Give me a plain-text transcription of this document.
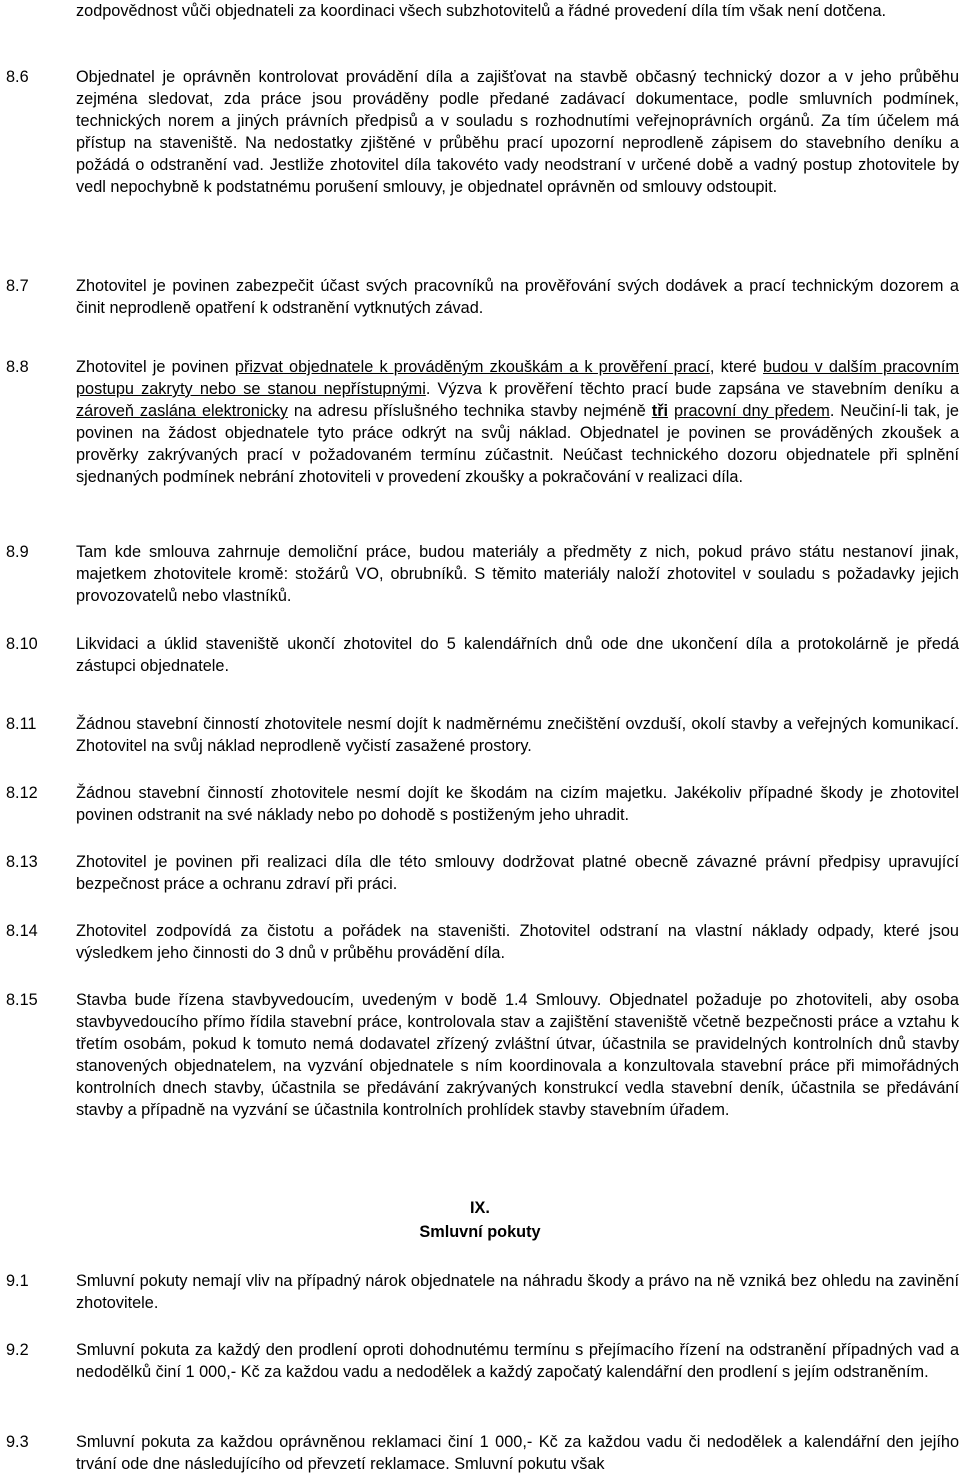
zodpovědnost vůči objednateli za koordinaci všech subzhotovitelů a řádné provedení díla tím však není dotčena.
8.6	Objednatel je oprávněn kontrolovat provádění díla a zajišťovat na stavbě občasný technický dozor a v jeho průběhu zejména sledovat, zda práce jsou prováděny podle předané zadávací dokumentace, podle smluvních podmínek, technických norem a jiných právních předpisů a v souladu s rozhodnutími veřejnoprávních orgánů. Za tím účelem má přístup na staveniště. Na nedostatky zjištěné v průběhu prací upozorní neprodleně zápisem do stavebního deníku a požádá o odstranění vad. Jestliže zhotovitel díla takovéto vady neodstraní v určené době a vadný postup zhotovitele by vedl nepochybně k podstatnému porušení smlouvy, je objednatel oprávněn od smlouvy odstoupit.
8.7	Zhotovitel je povinen zabezpečit účast svých pracovníků na prověřování svých dodávek a prací technickým dozorem a činit neprodleně opatření k odstranění vytknutých závad.
8.8	Zhotovitel je povinen přizvat objednatele k prováděným zkouškám a k prověření prací, které budou v dalším pracovním postupu zakryty nebo se stanou nepřístupnými. Výzva k prověření těchto prací bude zapsána ve stavebním deníku a zároveň zaslána elektronicky na adresu příslušného technika stavby nejméně tři pracovní dny předem. Neučiní-li tak, je povinen na žádost objednatele tyto práce odkrýt na svůj náklad. Objednatel je povinen se prováděných zkoušek a prověrky zakrývaných prací v požadovaném termínu zúčastnit. Neúčast technického dozoru objednatele při splnění sjednaných podmínek nebrání zhotoviteli v provedení zkoušky a pokračování v realizaci díla.
8.9	Tam kde smlouva zahrnuje demoliční práce, budou materiály a předměty z nich, pokud právo státu nestanoví jinak, majetkem zhotovitele kromě: stožárů VO, obrubníků. S těmito materiály naloží zhotovitel v souladu s požadavky jejich provozovatelů nebo vlastníků.
8.10 Likvidaci a úklid staveniště ukončí zhotovitel do 5 kalendářních dnů ode dne ukončení díla a protokolárně je předá zástupci objednatele.
8.11 Žádnou stavební činností zhotovitele nesmí dojít k nadměrnému znečištění ovzduší, okolí stavby a veřejných komunikací. Zhotovitel na svůj náklad neprodleně vyčistí zasažené prostory.
8.12 Žádnou stavební činností zhotovitele nesmí dojít ke škodám na cizím majetku. Jakékoliv případné škody je zhotovitel povinen odstranit na své náklady nebo po dohodě s postiženým jeho uhradit.
8.13 Zhotovitel je povinen při realizaci díla dle této smlouvy dodržovat platné obecně závazné právní předpisy upravující bezpečnost práce a ochranu zdraví při práci.
8.14 Zhotovitel zodpovídá za čistotu a pořádek na staveništi. Zhotovitel odstraní na vlastní náklady odpady, které jsou výsledkem jeho činnosti do 3 dnů v průběhu provádění díla.
8.15 Stavba bude řízena stavbyvedoucím, uvedeným v bodě 1.4 Smlouvy. Objednatel požaduje po zhotoviteli, aby osoba stavbyvedoucího přímo řídila stavební práce, kontrolovala stav a zajištění staveniště včetně bezpečnosti práce a vztahu k třetím osobám, pokud k tomuto nemá dodavatel zřízený zvláštní útvar, účastnila se pravidelných kontrolních dnů stavby stanovených objednatelem, na vyzvání objednatele s ním koordinovala a konzultovala stavební práce při mimořádných kontrolních dnech stavby, účastnila se předávání zakrývaných konstrukcí vedla stavební deník, účastnila se předávání stavby a případně na vyzvání se účastnila kontrolních prohlídek stavby stavebním úřadem.
IX.
Smluvní pokuty
9.1	Smluvní pokuty nemají vliv na případný nárok objednatele na náhradu škody a právo na ně vzniká bez ohledu na zavinění zhotovitele.
9.2	Smluvní pokuta za každý den prodlení oproti dohodnutému termínu s přejímacího řízení na odstranění případných vad a nedodělků činí 1 000,- Kč za každou vadu a nedodělek a každý započatý kalendářní den prodlení s jejím odstraněním.
9.3	Smluvní pokuta za každou oprávněnou reklamaci činí 1 000,- Kč za každou vadu či nedodělek a kalendářní den jejího trvání ode dne následujícího od převzetí reklamace. Smluvní pokutu však
